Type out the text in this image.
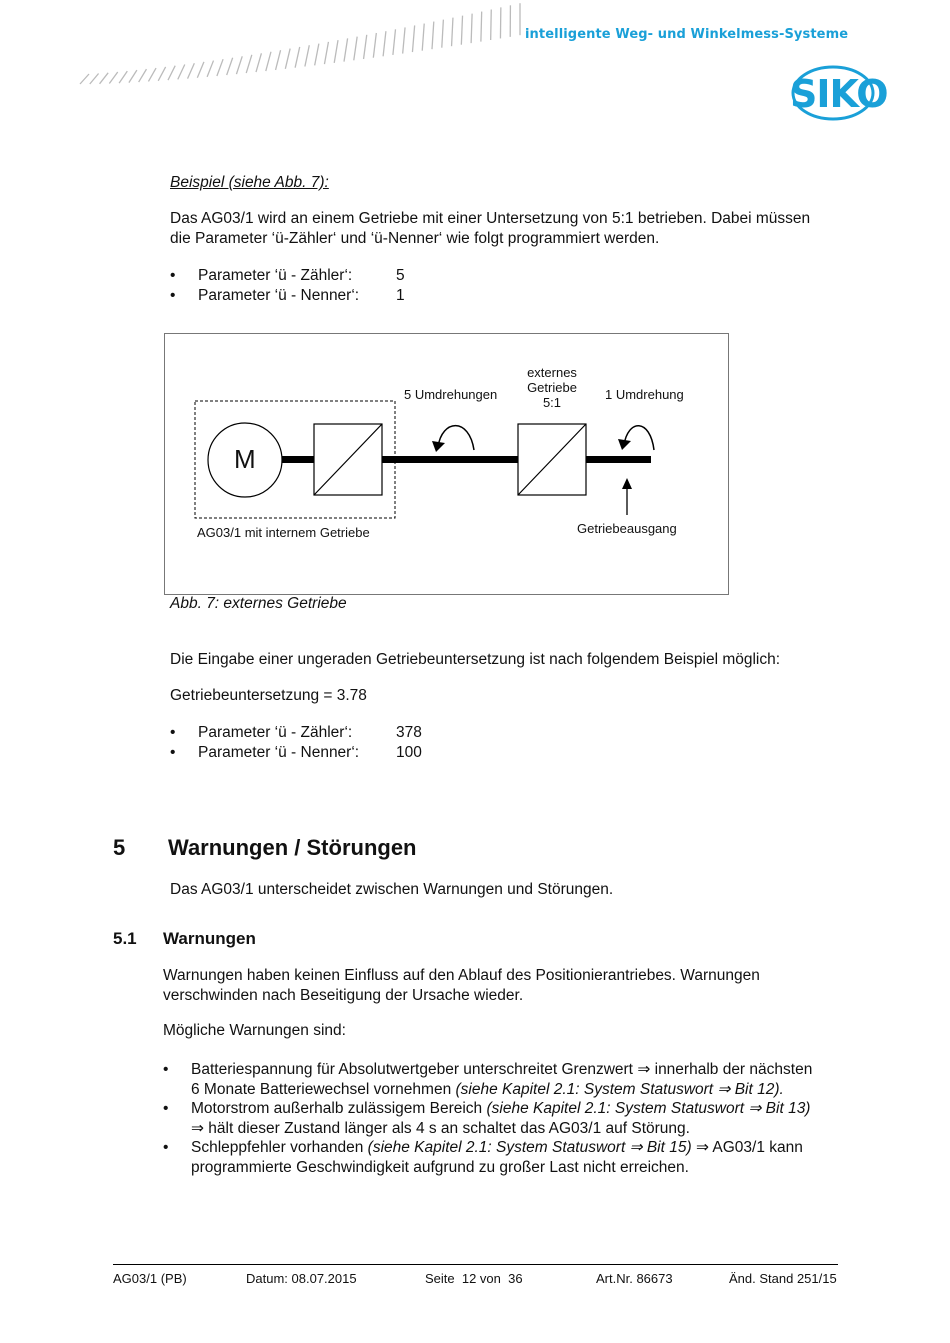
intelligente Weg- und Winkelmess-Systeme
SIKO
Beispiel (siehe Abb. 7):
Das AG03/1 wird an einem Getriebe mit einer Untersetzung von 5:1 betrieben. Dabei müssen
die Parameter ‘ü-Zähler‘ und ‘ü-Nenner‘ wie folgt programmiert werden.
• Parameter ‘ü - Zähler‘:	5
• Parameter ‘ü - Nenner‘: 1
M
5 Umdrehungen
externes
Getriebe
5:1
1 Umdrehung
AG03/1 mit internem Getriebe	Getriebeausgang
Abb. 7: externes Getriebe
Die Eingabe einer ungeraden Getriebeuntersetzung ist nach folgendem Beispiel möglich:
Getriebeuntersetzung = 3.78
• Parameter ‘ü - Zähler‘:	378
• Parameter ‘ü - Nenner‘: 100
5 Warnungen / Störungen
Das AG03/1 unterscheidet zwischen Warnungen und Störungen.
5.1 Warnungen
Warnungen haben keinen Einfluss auf den Ablauf des Positionierantriebes. Warnungen
verschwinden nach Beseitigung der Ursache wieder.
Mögliche Warnungen sind:
• Batteriespannung für Absolutwertgeber unterschreitet Grenzwert ⇒ innerhalb der nächsten
6 Monate Batteriewechsel vornehmen (siehe Kapitel 2.1: System Statuswort ⇒ Bit 12).
• Motorstrom außerhalb zulässigem Bereich (siehe Kapitel 2.1: System Statuswort ⇒ Bit 13)
⇒ hält dieser Zustand länger als 4 s an schaltet das AG03/1 auf Störung.
• Schleppfehler vorhanden (siehe Kapitel 2.1: System Statuswort ⇒ Bit 15) ⇒ AG03/1 kann
programmierte Geschwindigkeit aufgrund zu großer Last nicht erreichen.
AG03/1 (PB)	Datum: 08.07.2015	Seite  12 von  36	Art.Nr. 86673	Änd. Stand 251/15
